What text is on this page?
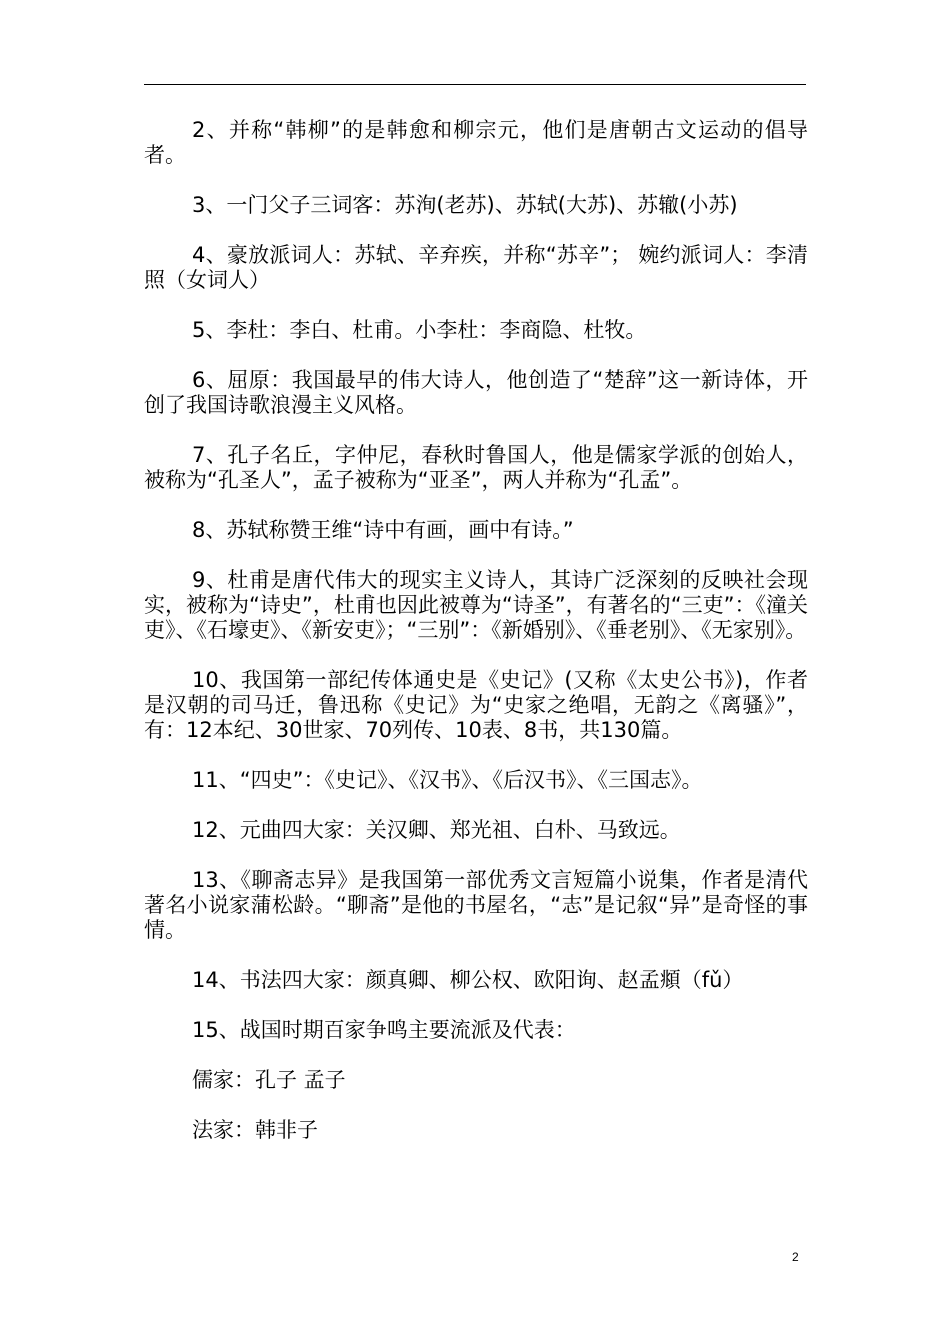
2、并称“韩柳”的是韩愈和柳宗元，他们是唐朝古文运动的倡导者。

3、一门父子三词客：苏洵(老苏)、苏轼(大苏)、苏辙(小苏)

4、豪放派词人：苏轼、辛弃疾，并称“苏辛”； 婉约派词人：李清照（女词人）

5、李杜：李白、杜甫。小李杜：李商隐、杜牧。

6、屈原：我国最早的伟大诗人，他创造了“楚辞”这一新诗体，开创了我国诗歌浪漫主义风格。

7、孔子名丘，字仲尼，春秋时鲁国人，他是儒家学派的创始人，被称为“孔圣人”，孟子被称为“亚圣”，两人并称为“孔孟”。

8、苏轼称赞王维“诗中有画，画中有诗。”

9、杜甫是唐代伟大的现实主义诗人，其诗广泛深刻的反映社会现实，被称为“诗史”，杜甫也因此被尊为“诗圣”，有著名的“三吏”：《潼关吏》、《石壕吏》、《新安吏》；“三别”：《新婚别》、《垂老别》、《无家别》。

10、我国第一部纪传体通史是《史记》(又称《太史公书》)，作者是汉朝的司马迁，鲁迅称《史记》为“史家之绝唱，无韵之《离骚》”，有：12本纪、30世家、70列传、10表、8书，共130篇。

11、“四史”：《史记》、《汉书》、《后汉书》、《三国志》。

12、元曲四大家：关汉卿、郑光祖、白朴、马致远。

13、《聊斋志异》是我国第一部优秀文言短篇小说集，作者是清代著名小说家蒲松龄。“聊斋”是他的书屋名，“志”是记叙“异”是奇怪的事情。

14、书法四大家：颜真卿、柳公权、欧阳询、赵孟頫（fǔ）

15、战国时期百家争鸣主要流派及代表：

儒家：孔子 孟子

法家：韩非子

2
